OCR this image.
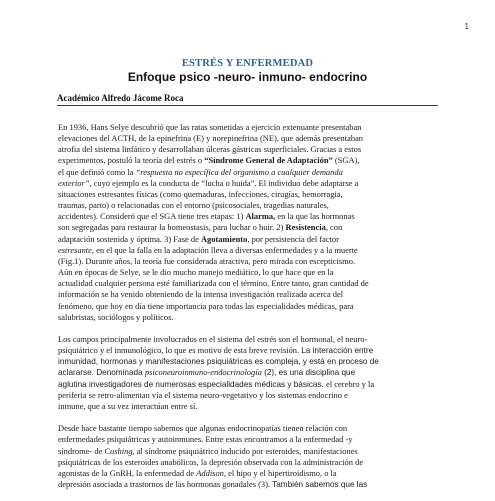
1
ESTRÉS Y ENFERMEDAD
Enfoque psico -neuro- inmuno- endocrino
Académico Alfredo Jácome Roca

En 1936, Hans Selye descubrió que las ratas sometidas a ejercicio extenuante presentaban
elevaciones del ACTH, de la epinefrina (E) y norepinefrina (NE), que además presentaban
atrofia del sistema linfático y desarrollaban úlceras gástricas superficiales. Gracias a estos
experimentos, postuló la teoría del estrés o “Síndrome General de Adaptación” (SGA),
el que definió como la “respuesta no específica del organismo a cualquier demanda
exterior”, cuyo ejemplo es la conducta de “lucha o huida”. El individuo debe adaptarse a
situaciones estresantes físicas (como quemaduras, infecciones, cirugías, hemorragia,
traumas, parto) o relacionadas con el entorno (psicosociales, tragedias naturales,
accidentes). Consideró que el SGA tiene tres etapas: 1) Alarma, en la que las hormonas
son segregadas para restaurar la homeostasis, para luchar o huir. 2) Resistencia, con
adaptación sostenida y óptima. 3) Fase de Agotamiento, por persistencia del factor
estresante, en el que la falla en la adaptación lleva a diversas enfermedades y a la muerte
(Fig.1). Durante años, la teoría fue considerada atractiva, pero mirada con escepticismo.
Aún en épocas de Selye, se le dio mucho manejo mediático, lo que hace que en la
actualidad cualquier persona esté familiarizada con el término. Entre tanto, gran cantidad de
información se ha venido obteniendo de la intensa investigación realizada acerca del
fenómeno, que hoy en día tiene importancia para todas las especialidades médicas, para
salubristas, sociólogos y políticos.

Los campos principalmente involucrados en el sistema del estrés son el hormonal, el neuro-
psiquiátrico y el inmunológico, lo que es motivo de esta breve revisión. La interacción entre
inmunidad, hormonas y manifestaciones psiquiátricas es compleja, y está en proceso de
aclararse. Denominada psiconeuroinmuno-endocrinología (2), es una disciplina que
aglutina investigadores de numerosas especialidades médicas y básicas. el cerebro y la
periferia se retro-alimentan vía el sistema neuro-vegetativo y los sistemas endocrino e
inmune, que a su vez interactúan entre sí.

Desde hace bastante tiempo sabemos que algunas endocrinopatías tienen relación con
enfermedades psiquiátricas y autoinmunes. Entre estas encontramos a la enfermedad -y
síndrome- de Cushing, al síndrome psiquiátrico inducido por esteroides, manifestaciones
psiquiátricas de los esteroides anabólicos, la depresión observada con la administración de
agonistas de la GnRH, la enfermedad de Addison, el hipo y el hipertiroidismo, o la
depresión asociada a trastornos de las hormonas gonadales (3). También sabemos que las
